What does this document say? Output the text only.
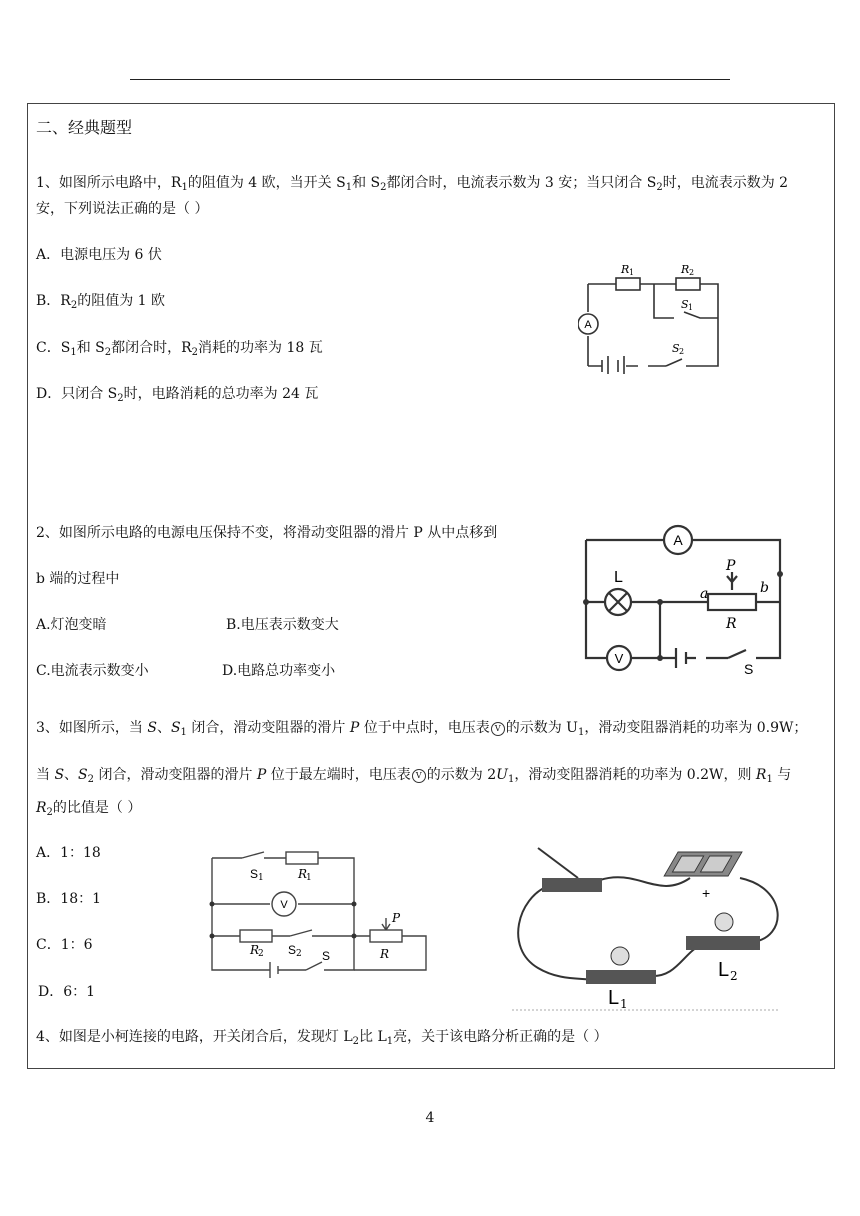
二、经典题型
1、如图所示电路中，$R_1$的阻值为 4 欧，当开关 $S_1$和 $S_2$都闭合时，电流表示数为 3 安；当只闭合 $S_2$时，电流表示数为 2
安，下列说法正确的是（ ）
A．电源电压为 6 伏
B．$R_2$的阻值为 1 欧
C．$S_1$和 $S_2$都闭合时，$R_2$消耗的功率为 18 瓦
D．只闭合 $S_2$时，电路消耗的总功率为 24 瓦
A
R 1	R 2
S 1
S 2
2、如图所示电路的电源电压保持不变，将滑动变阻器的滑片 P 从中点移到
b 端的过程中
A.灯泡变暗	B.电压表示数变大
C.电流表示数变小	D.电路总功率变小
A
L
P
a	b
R
V
S
3、如图所示，当 S、$S_1$ 闭合，滑动变阻器的滑片 P 位于中点时，电压表 V 的示数为 $U_1$，滑动变阻器消耗的功率为 0.9W；
当 S、$S_2$ 闭合，滑动变阻器的滑片 P 位于最左端时，电压表 V 的示数为 $2U_1$，滑动变阻器消耗的功率为 0.2W，则 $R_1$ 与
$R_2$的比值是（ ）
A．1：18
B．18：1
C．1：6
D．6：1
S 1	R
1
V
R
2 S 2
P
R
S
+
L 1
L 2
4、如图是小柯连接的电路，开关闭合后，发现灯 $L_2$比 $L_1$亮，关于该电路分析正确的是（ ）
4
